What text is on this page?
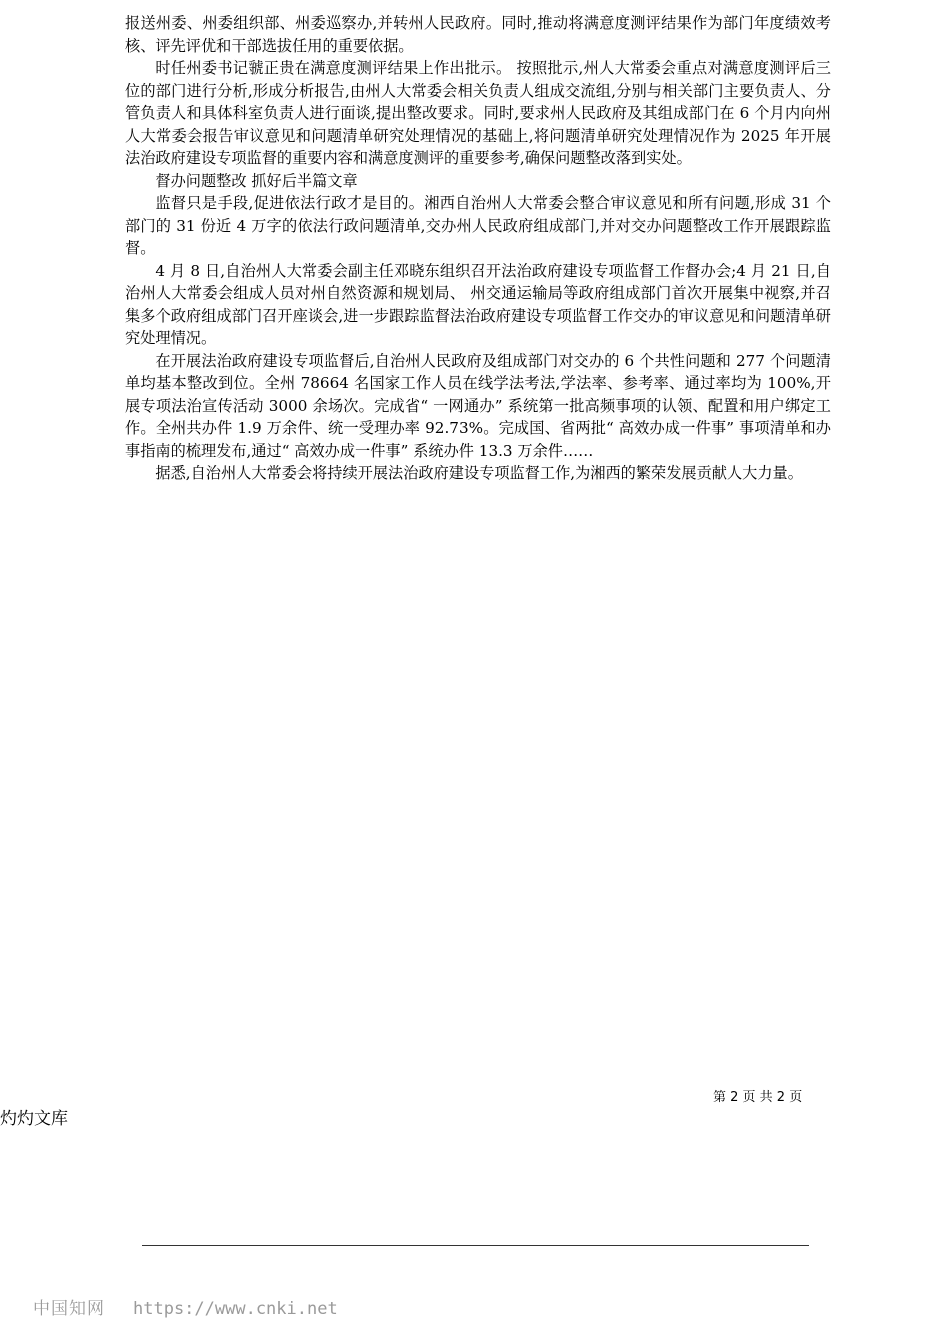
报送州委、州委组织部、州委巡察办,并转州人民政府。同时,推动将满意度测评结果作为部门年度绩效考核、评先评优和干部选拔任用的重要依据。

时任州委书记虢正贵在满意度测评结果上作出批示。 按照批示,州人大常委会重点对满意度测评后三位的部门进行分析,形成分析报告,由州人大常委会相关负责人组成交流组,分别与相关部门主要负责人、分管负责人和具体科室负责人进行面谈,提出整改要求。同时,要求州人民政府及其组成部门在 6 个月内向州人大常委会报告审议意见和问题清单研究处理情况的基础上,将问题清单研究处理情况作为 2025 年开展法治政府建设专项监督的重要内容和满意度测评的重要参考,确保问题整改落到实处。

督办问题整改 抓好后半篇文章

监督只是手段,促进依法行政才是目的。湘西自治州人大常委会整合审议意见和所有问题,形成 31 个部门的 31 份近 4 万字的依法行政问题清单,交办州人民政府组成部门,并对交办问题整改工作开展跟踪监督。

4 月 8 日,自治州人大常委会副主任邓晓东组织召开法治政府建设专项监督工作督办会;4 月 21 日,自治州人大常委会组成人员对州自然资源和规划局、 州交通运输局等政府组成部门首次开展集中视察,并召集多个政府组成部门召开座谈会,进一步跟踪监督法治政府建设专项监督工作交办的审议意见和问题清单研究处理情况。

在开展法治政府建设专项监督后,自治州人民政府及组成部门对交办的 6 个共性问题和 277 个问题清单均基本整改到位。全州 78664 名国家工作人员在线学法考法,学法率、参考率、通过率均为 100%,开展专项法治宣传活动 3000 余场次。完成省“ 一网通办” 系统第一批高频事项的认领、配置和用户绑定工作。全州共办件 1.9 万余件、统一受理办率 92.73%。完成国、省两批“ 高效办成一件事” 事项清单和办事指南的梳理发布,通过“ 高效办成一件事” 系统办件 13.3 万余件……

据悉,自治州人大常委会将持续开展法治政府建设专项监督工作,为湘西的繁荣发展贡献人大力量。

第 2 页 共 2 页
灼灼文库
中国知网 https://www.cnki.net
